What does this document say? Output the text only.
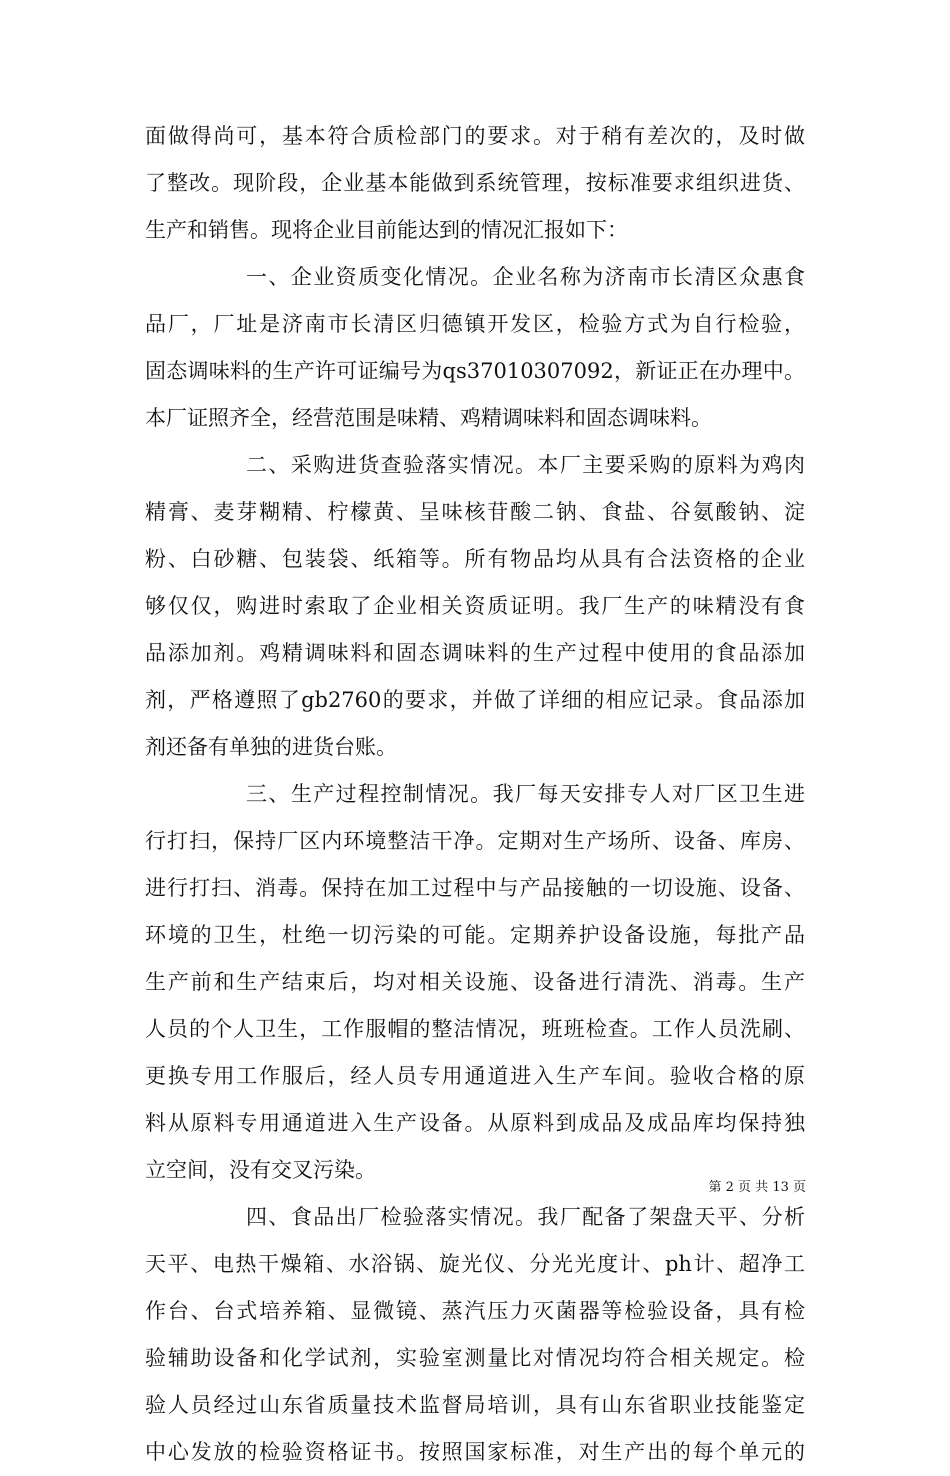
面做得尚可，基本符合质检部门的要求。对于稍有差次的，及时做
了整改。现阶段，企业基本能做到系统管理，按标准要求组织进货、
生产和销售。现将企业目前能达到的情况汇报如下：
一、企业资质变化情况。企业名称为济南市长清区众惠食
品厂，厂址是济南市长清区归德镇开发区，检验方式为自行检验，
固态调味料的生产许可证编号为qs37010307092，新证正在办理中。
本厂证照齐全，经营范围是味精、鸡精调味料和固态调味料。
二、采购进货查验落实情况。本厂主要采购的原料为鸡肉
精膏、麦芽糊精、柠檬黄、呈味核苷酸二钠、食盐、谷氨酸钠、淀
粉、白砂糖、包装袋、纸箱等。所有物品均从具有合法资格的企业
够仅仅，购进时索取了企业相关资质证明。我厂生产的味精没有食
品添加剂。鸡精调味料和固态调味料的生产过程中使用的食品添加
剂，严格遵照了gb2760的要求，并做了详细的相应记录。食品添加
剂还备有单独的进货台账。
三、生产过程控制情况。我厂每天安排专人对厂区卫生进
行打扫，保持厂区内环境整洁干净。定期对生产场所、设备、库房、
进行打扫、消毒。保持在加工过程中与产品接触的一切设施、设备、
环境的卫生，杜绝一切污染的可能。定期养护设备设施，每批产品
生产前和生产结束后，均对相关设施、设备进行清洗、消毒。生产
人员的个人卫生，工作服帽的整洁情况，班班检查。工作人员洗刷、
更换专用工作服后，经人员专用通道进入生产车间。验收合格的原
料从原料专用通道进入生产设备。从原料到成品及成品库均保持独
立空间，没有交叉污染。
四、食品出厂检验落实情况。我厂配备了架盘天平、分析
天平、电热干燥箱、水浴锅、旋光仪、分光光度计、ph计、超净工
作台、台式培养箱、显微镜、蒸汽压力灭菌器等检验设备，具有检
验辅助设备和化学试剂，实验室测量比对情况均符合相关规定。检
验人员经过山东省质量技术监督局培训，具有山东省职业技能鉴定
中心发放的检验资格证书。按照国家标准，对生产出的每个单元的
第 2 页 共 13 页
